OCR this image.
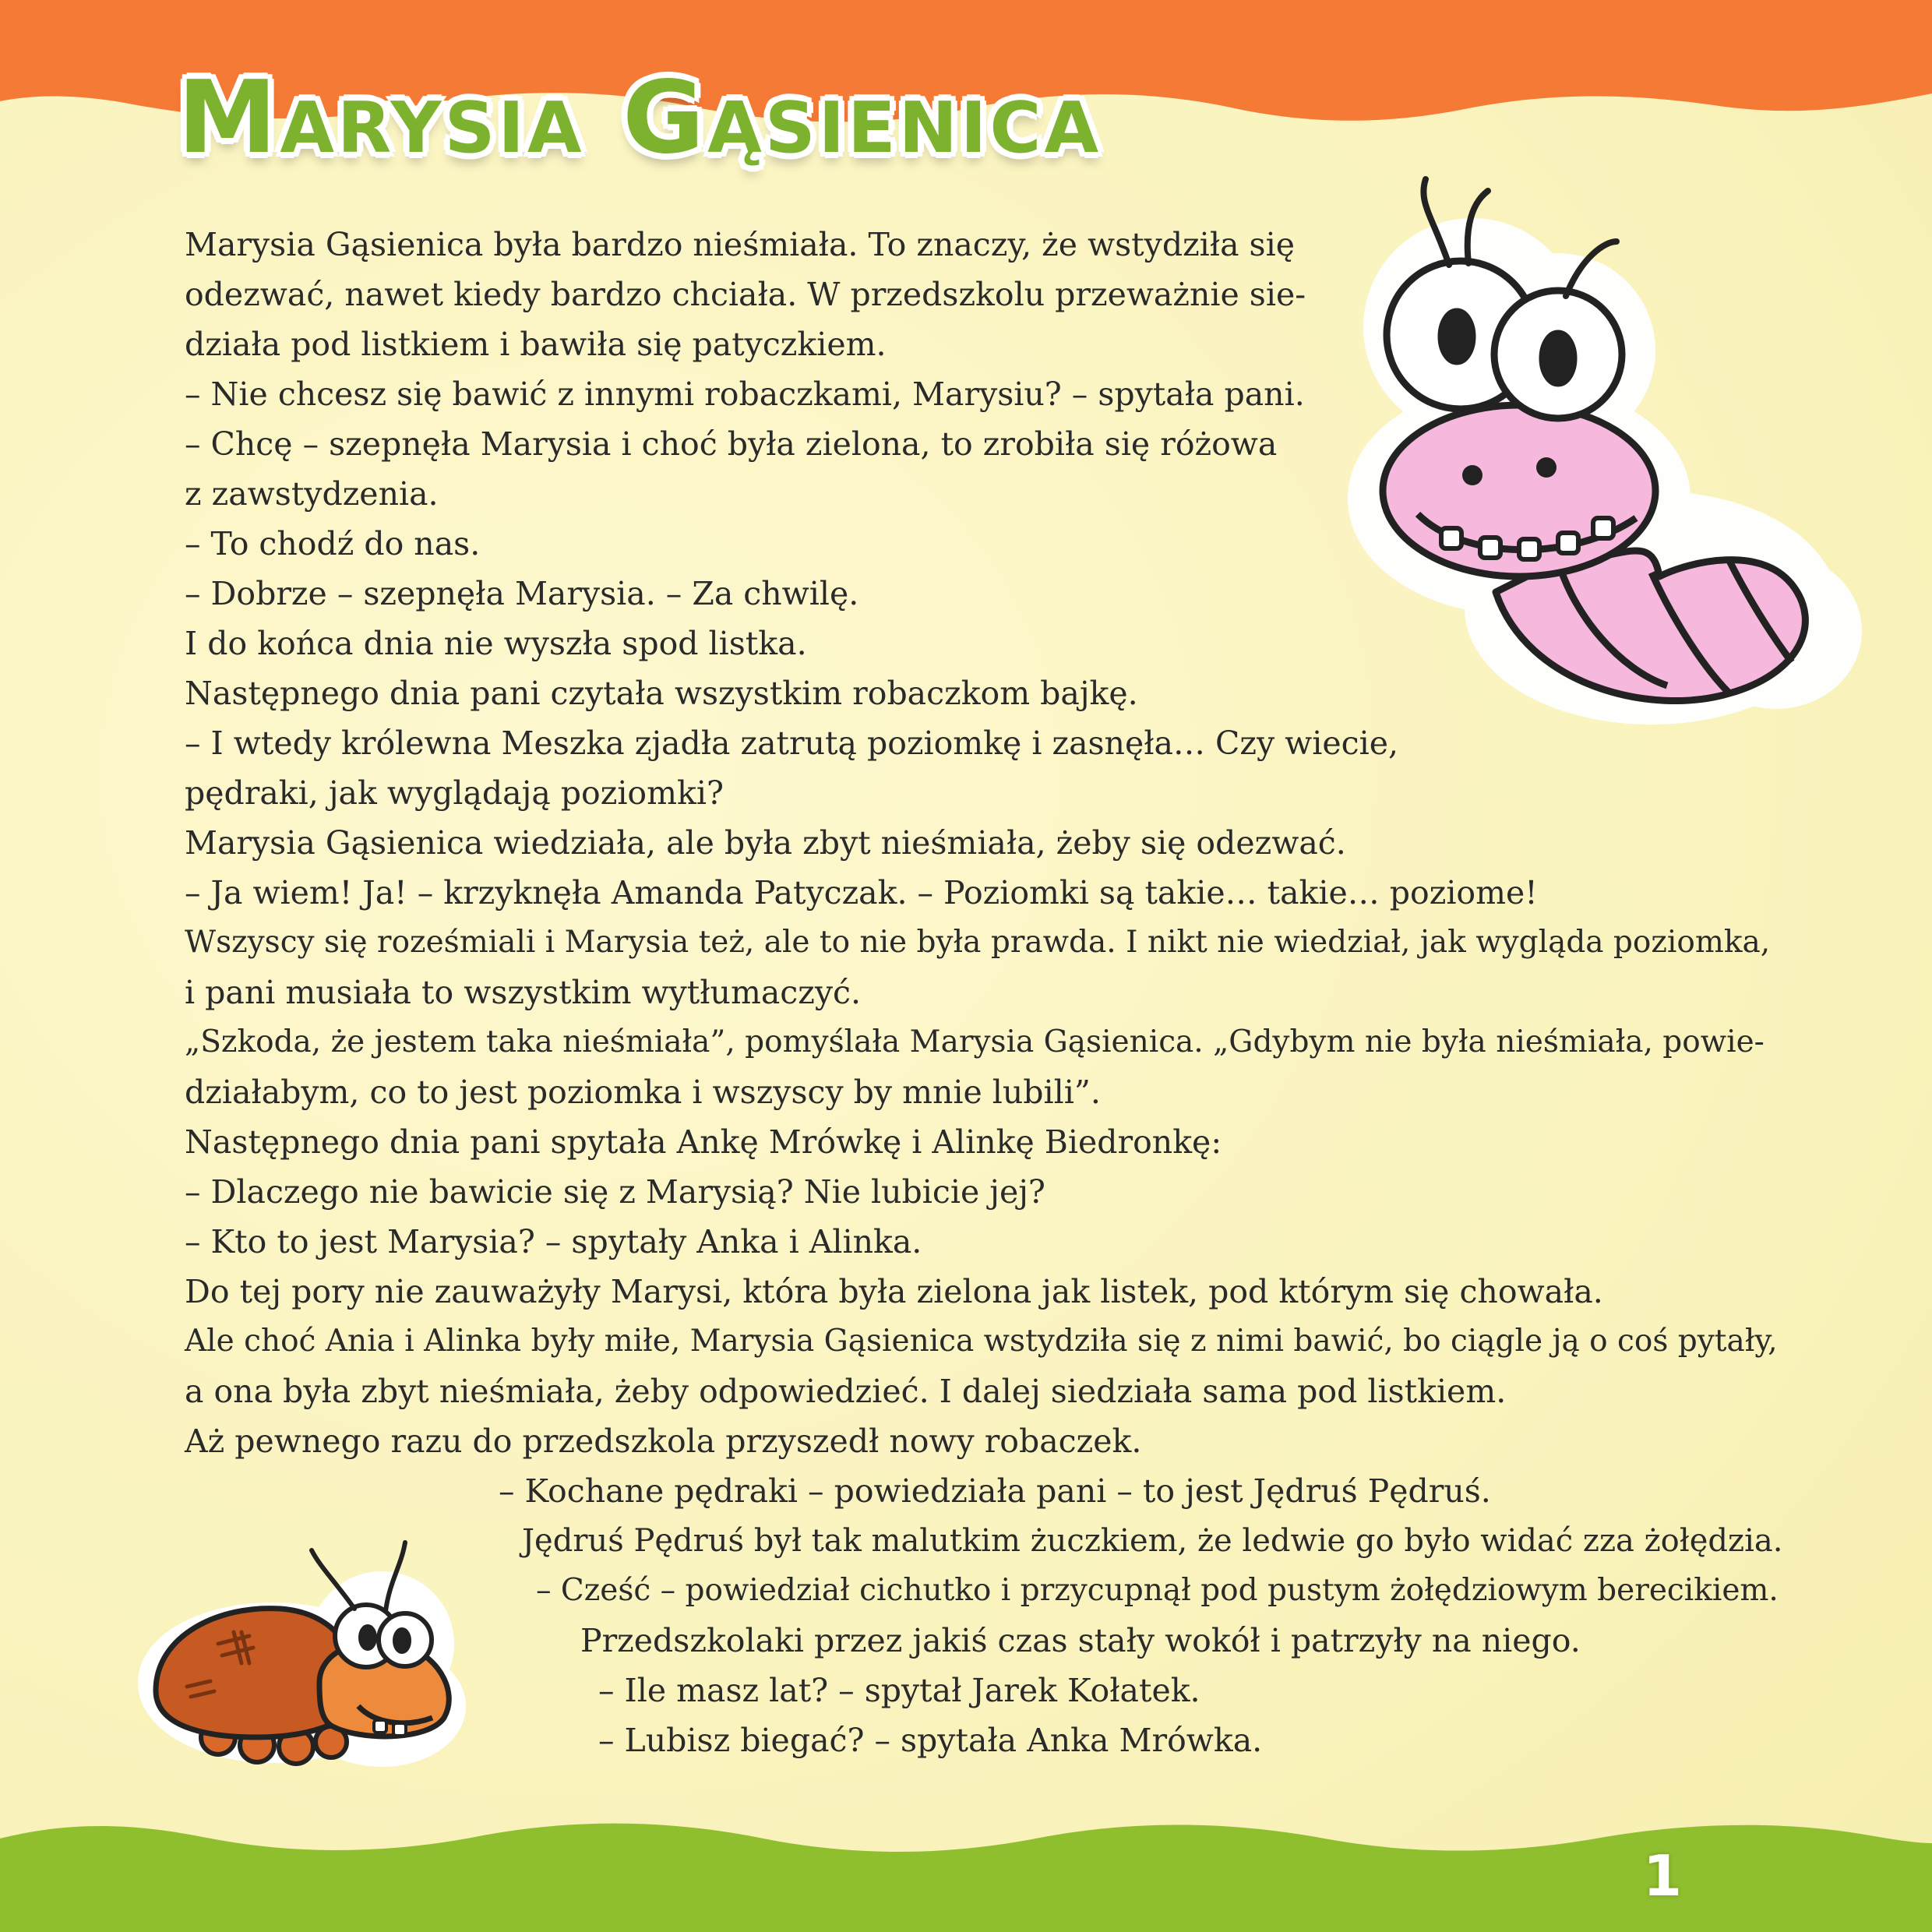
Marysia Gąsienica

Marysia Gąsienica była bardzo nieśmiała. To znaczy, że wstydziła się

odezwać, nawet kiedy bardzo chciała. W przedszkolu przeważnie sie-

działa pod listkiem i bawiła się patyczkiem.

– Nie chcesz się bawić z innymi robaczkami, Marysiu? – spytała pani.

– Chcę – szepnęła Marysia i choć była zielona, to zrobiła się różowa

z zawstydzenia.

– To chodź do nas.

– Dobrze – szepnęła Marysia. – Za chwilę.

I do końca dnia nie wyszła spod listka.

Następnego dnia pani czytała wszystkim robaczkom bajkę.

– I wtedy królewna Meszka zjadła zatrutą poziomkę i zasnęła… Czy wiecie,

pędraki, jak wyglądają poziomki?

Marysia Gąsienica wiedziała, ale była zbyt nieśmiała, żeby się odezwać.

– Ja wiem! Ja! – krzyknęła Amanda Patyczak. – Poziomki są takie… takie… poziome!

Wszyscy się roześmiali i Marysia też, ale to nie była prawda. I nikt nie wiedział, jak wygląda poziomka,

i pani musiała to wszystkim wytłumaczyć.

„Szkoda, że jestem taka nieśmiała”, pomyślała Marysia Gąsienica. „Gdybym nie była nieśmiała, powie-

działabym, co to jest poziomka i wszyscy by mnie lubili”.

Następnego dnia pani spytała Ankę Mrówkę i Alinkę Biedronkę:

– Dlaczego nie bawicie się z Marysią? Nie lubicie jej?

– Kto to jest Marysia? – spytały Anka i Alinka.

Do tej pory nie zauważyły Marysi, która była zielona jak listek, pod którym się chowała.

Ale choć Ania i Alinka były miłe, Marysia Gąsienica wstydziła się z nimi bawić, bo ciągle ją o coś pytały,

a ona była zbyt nieśmiała, żeby odpowiedzieć. I dalej siedziała sama pod listkiem.

Aż pewnego razu do przedszkola przyszedł nowy robaczek.

– Kochane pędraki – powiedziała pani – to jest Jędruś Pędruś.

Jędruś Pędruś był tak malutkim żuczkiem, że ledwie go było widać zza żołędzia.

– Cześć – powiedział cichutko i przycupnął pod pustym żołędziowym berecikiem.

Przedszkolaki przez jakiś czas stały wokół i patrzyły na niego.

– Ile masz lat? – spytał Jarek Kołatek.

– Lubisz biegać? – spytała Anka Mrówka.

1
